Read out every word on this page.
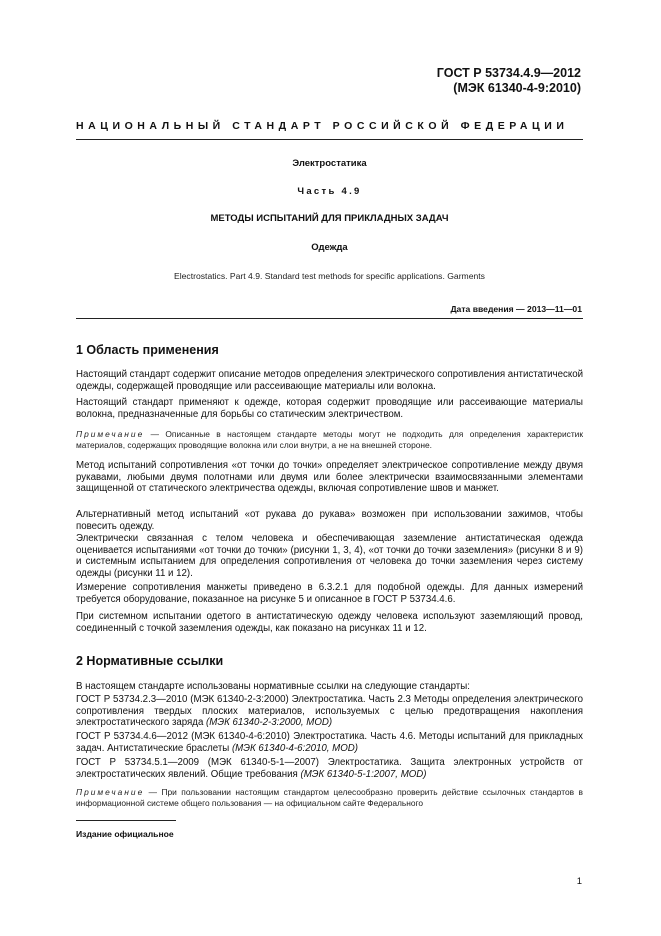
ГОСТ Р 53734.4.9—2012
(МЭК 61340-4-9:2010)
НАЦИОНАЛЬНЫЙ СТАНДАРТ РОССИЙСКОЙ ФЕДЕРАЦИИ
Электростатика
Часть 4.9
МЕТОДЫ ИСПЫТАНИЙ ДЛЯ ПРИКЛАДНЫХ ЗАДАЧ
Одежда
Electrostatics. Part 4.9. Standard test methods for specific applications. Garments
Дата введения — 2013—11—01
1 Область применения
Настоящий стандарт содержит описание методов определения электрического сопротивления антистатической одежды, содержащей проводящие или рассеивающие материалы или волокна.
Настоящий стандарт применяют к одежде, которая содержит проводящие или рассеивающие материалы волокна, предназначенные для борьбы со статическим электричеством.
Примечание — Описанные в настоящем стандарте методы могут не подходить для определения характеристик материалов, содержащих проводящие волокна или слои внутри, а не на внешней стороне.
Метод испытаний сопротивления «от точки до точки» определяет электрическое сопротивление между двумя рукавами, любыми двумя полотнами или двумя или более электрически взаимосвязанными элементами защищенной от статического электричества одежды, включая сопротивление швов и манжет.
Альтернативный метод испытаний «от рукава до рукава» возможен при использовании зажимов, чтобы повесить одежду.
Электрически связанная с телом человека и обеспечивающая заземление антистатическая одежда оценивается испытаниями «от точки до точки» (рисунки 1, 3, 4), «от точки до точки заземления» (рисунки 8 и 9) и системным испытанием для определения сопротивления от человека до точки заземления через систему одежды (рисунки 11 и 12).
Измерение сопротивления манжеты приведено в 6.3.2.1 для подобной одежды. Для данных измерений требуется оборудование, показанное на рисунке 5 и описанное в ГОСТ Р 53734.4.6.
При системном испытании одетого в антистатическую одежду человека используют заземляющий провод, соединенный с точкой заземления одежды, как показано на рисунках 11 и 12.
2 Нормативные ссылки
В настоящем стандарте использованы нормативные ссылки на следующие стандарты:
ГОСТ Р 53734.2.3—2010 (МЭК 61340-2-3:2000) Электростатика. Часть 2.3 Методы определения электрического сопротивления твердых плоских материалов, используемых с целью предотвращения накопления электростатического заряда (МЭК 61340-2-3:2000, MOD)
ГОСТ Р 53734.4.6—2012 (МЭК 61340-4-6:2010) Электростатика. Часть 4.6. Методы испытаний для прикладных задач. Антистатические браслеты (МЭК 61340-4-6:2010, MOD)
ГОСТ Р 53734.5.1—2009 (МЭК 61340-5-1—2007) Электростатика. Защита электронных устройств от электростатических явлений. Общие требования (МЭК 61340-5-1:2007, MOD)
Примечание — При пользовании настоящим стандартом целесообразно проверить действие ссылочных стандартов в информационной системе общего пользования — на официальном сайте Федерального
Издание официальное
1
